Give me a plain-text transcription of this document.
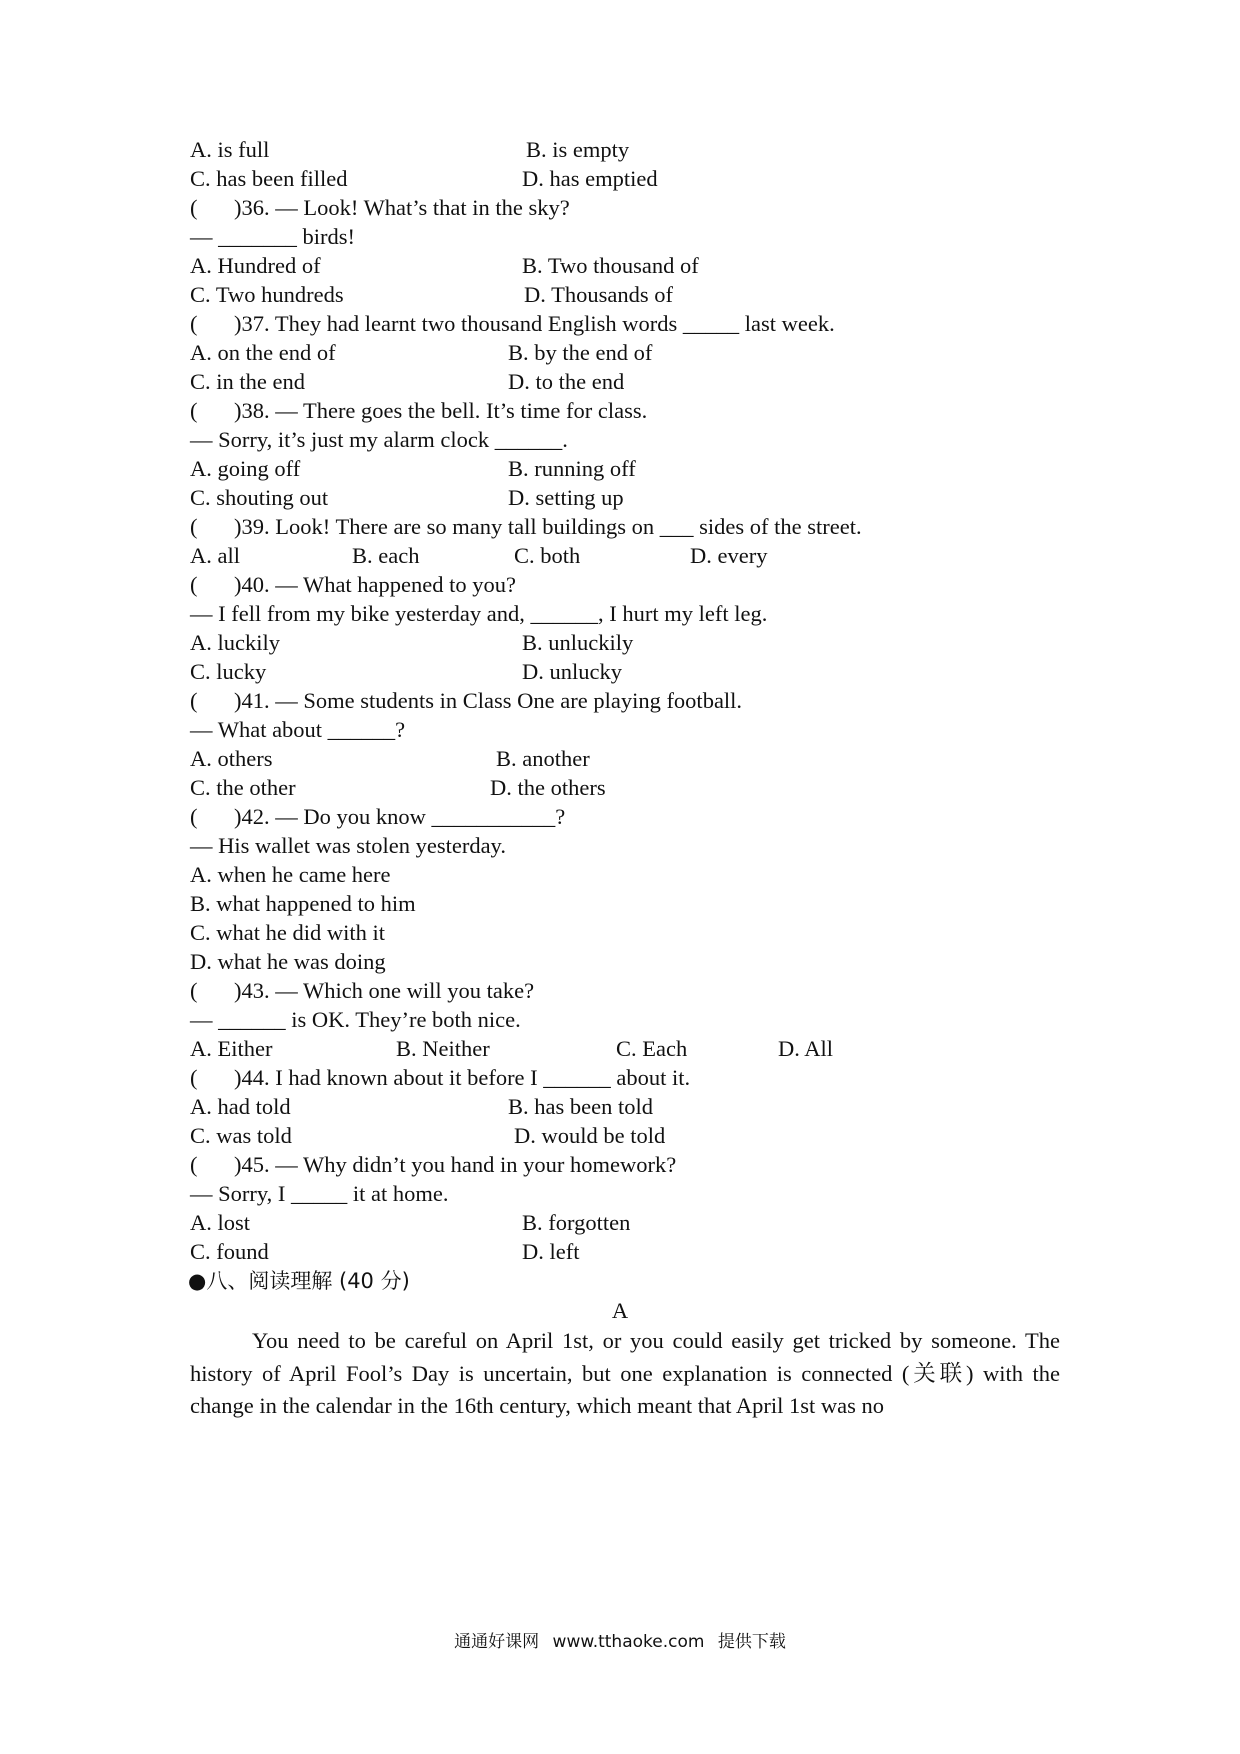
A. is full	B. is empty
C. has been filled	D. has emptied
( )36. — Look! What’s that in the sky?
— _______ birds!
A. Hundred of	B. Two thousand of
C. Two hundreds	D. Thousands of
( )37. They had learnt two thousand English words _____ last week.
A. on the end of	B. by the end of
C. in the end	D. to the end
( )38. — There goes the bell. It’s time for class.
— Sorry, it’s just my alarm clock ______.
A. going off	B. running off
C. shouting out	D. setting up
( )39. Look! There are so many tall buildings on ___ sides of the street.
A. all	B. each	C. both	D. every
( )40. — What happened to you?
— I fell from my bike yesterday and, ______, I hurt my left leg.
A. luckily	B. unluckily
C. lucky	D. unlucky
( )41. — Some students in Class One are playing football.
— What about ______?
A. others	B. another
C. the other	D. the others
( )42. — Do you know ___________?
— His wallet was stolen yesterday.
A. when he came here
B. what happened to him
C. what he did with it
D. what he was doing
( )43. — Which one will you take?
— ______ is OK. They’re both nice.
A. Either	B. Neither	C. Each	D. All
( )44. I had known about it before I ______ about it.
A. had told	B. has been told
C. was told	D. would be told
( )45. — Why didn’t you hand in your homework?
— Sorry, I _____ it at home.
A. lost	B. forgotten
C. found	D. left
●八、阅读理解 (40 分)
A

You need to be careful on April 1st, or you could easily get tricked by someone. The history of April Fool’s Day is uncertain, but one explanation is connected (关联) with the change in the calendar in the 16th century, which meant that April 1st was no

通通好课网 www.tthaoke.com 提供下载
